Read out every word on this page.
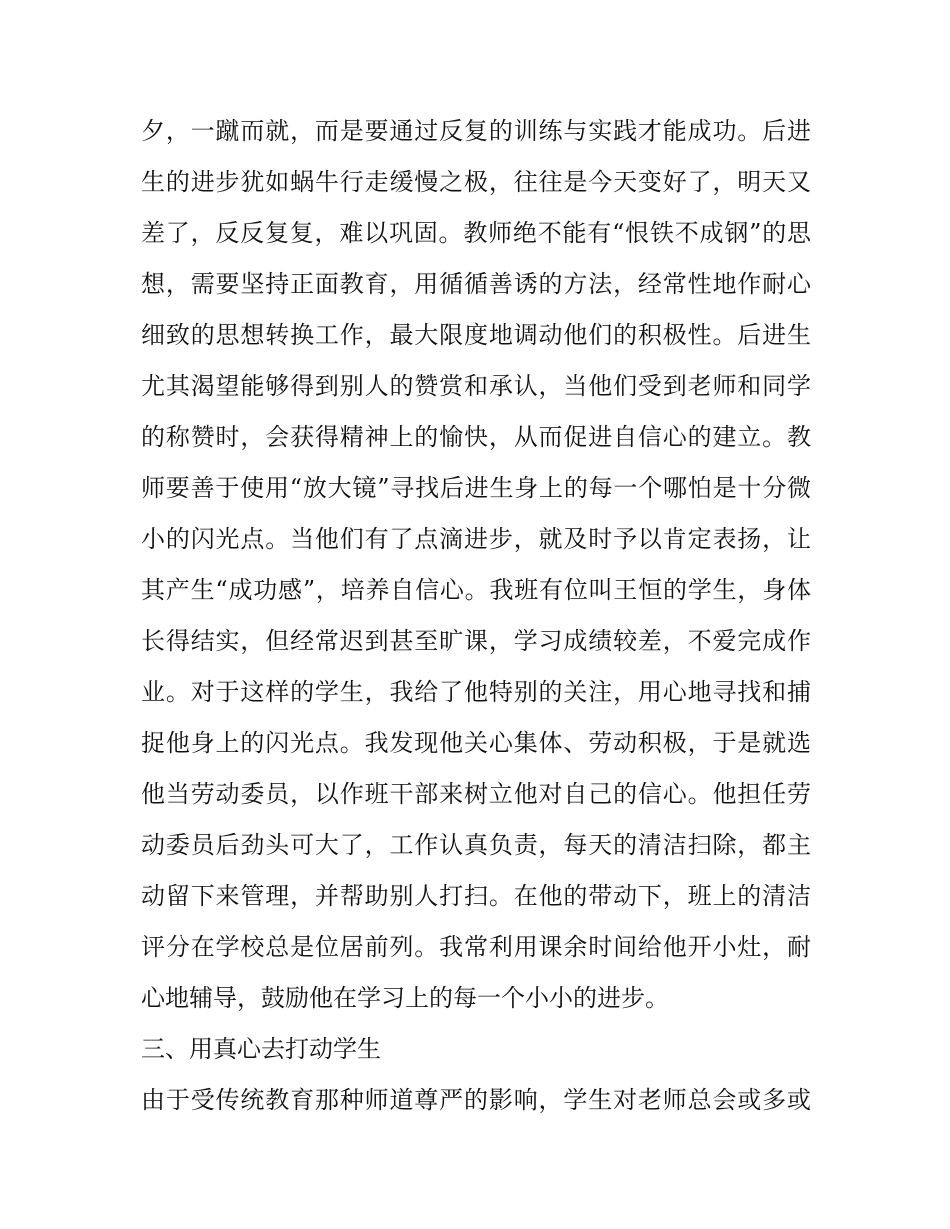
夕，一蹴而就，而是要通过反复的训练与实践才能成功。后进
生的进步犹如蜗牛行走缓慢之极，往往是今天变好了，明天又
差了，反反复复，难以巩固。教师绝不能有“恨铁不成钢”的思
想，需要坚持正面教育，用循循善诱的方法，经常性地作耐心
细致的思想转换工作，最大限度地调动他们的积极性。后进生
尤其渴望能够得到别人的赞赏和承认，当他们受到老师和同学
的称赞时，会获得精神上的愉快，从而促进自信心的建立。教
师要善于使用“放大镜”寻找后进生身上的每一个哪怕是十分微
小的闪光点。当他们有了点滴进步，就及时予以肯定表扬，让
其产生“成功感”，培养自信心。我班有位叫王恒的学生，身体
长得结实，但经常迟到甚至旷课，学习成绩较差，不爱完成作
业。对于这样的学生，我给了他特别的关注，用心地寻找和捕
捉他身上的闪光点。我发现他关心集体、劳动积极，于是就选
他当劳动委员，以作班干部来树立他对自己的信心。他担任劳
动委员后劲头可大了，工作认真负责，每天的清洁扫除，都主
动留下来管理，并帮助别人打扫。在他的带动下，班上的清洁
评分在学校总是位居前列。我常利用课余时间给他开小灶，耐
心地辅导，鼓励他在学习上的每一个小小的进步。
三、用真心去打动学生
由于受传统教育那种师道尊严的影响，学生对老师总会或多或
